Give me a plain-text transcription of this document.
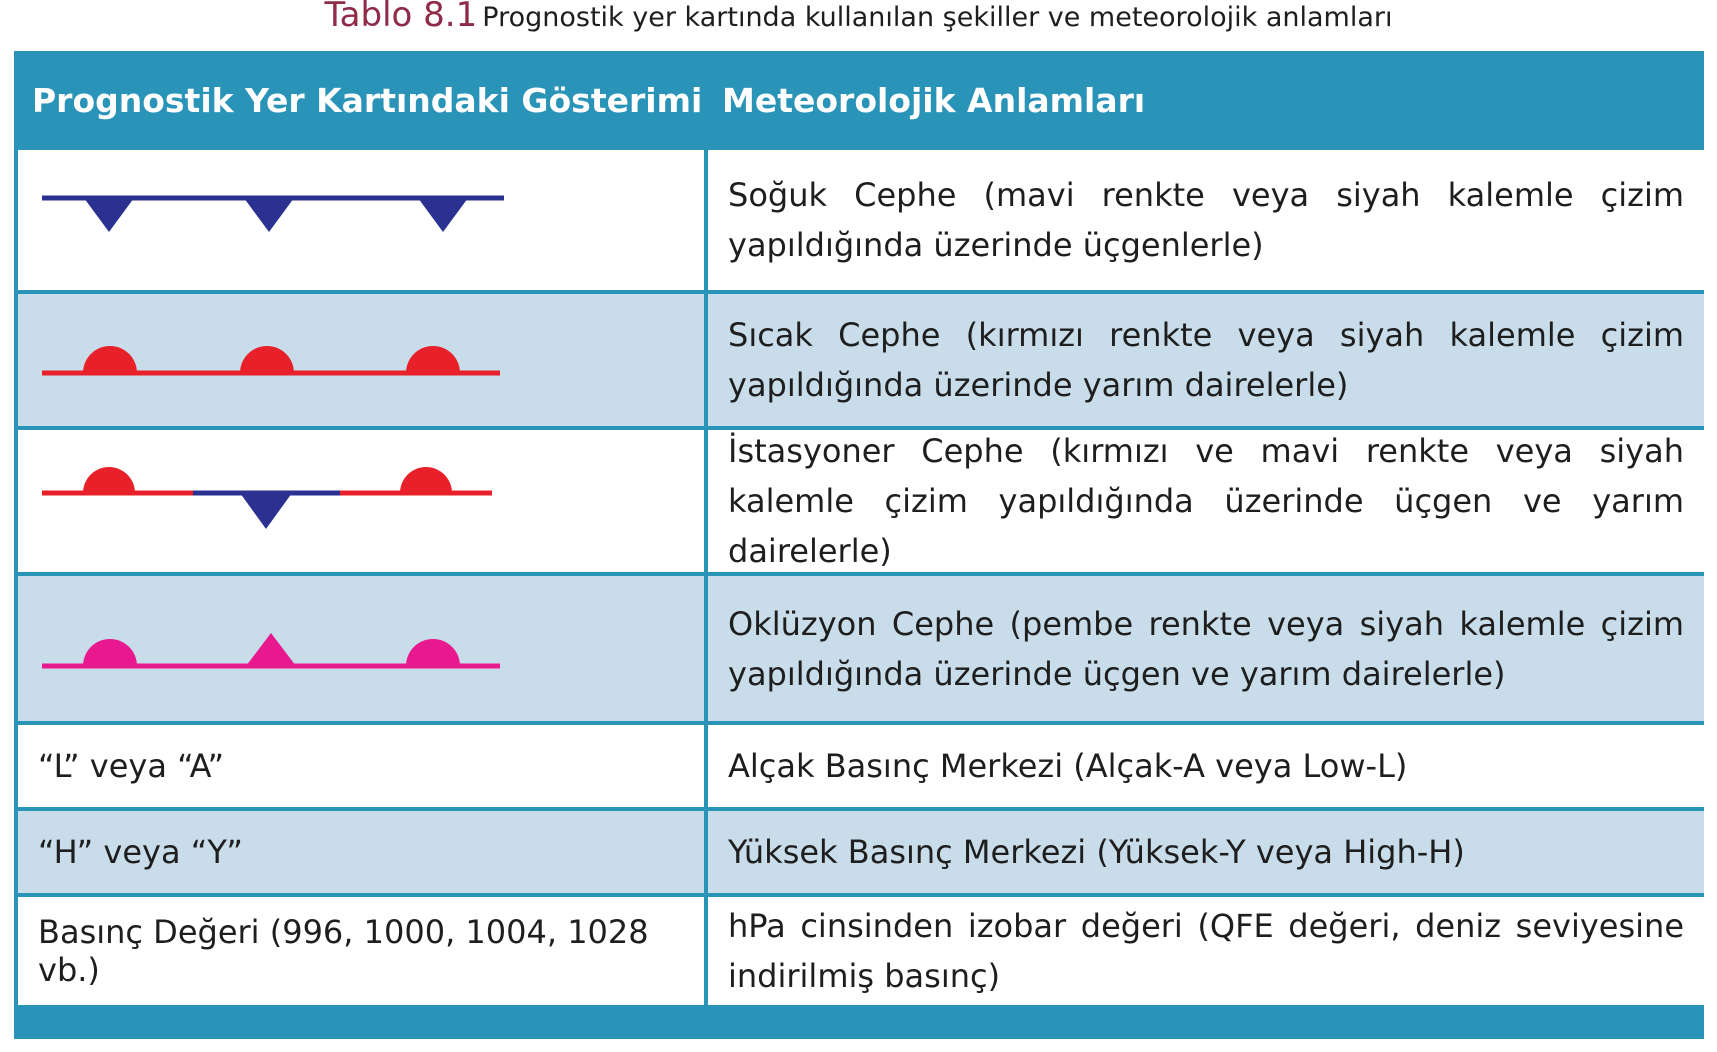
Tablo 8.1 Prognostik yer kartında kullanılan şekiller ve meteorolojik anlamları
Prognostik Yer Kartındaki Gösterimi Meteorolojik Anlamları

Soğuk Cephe (mavi renkte veya siyah kalemle çizim yapıldığında üzerinde üçgenlerle)

Sıcak Cephe (kırmızı renkte veya siyah kalemle çizim yapıldığında üzerinde yarım dairelerle)

İstasyoner Cephe (kırmızı ve mavi renkte veya siyah kalemle çizim yapıldığında üzerinde üçgen ve yarım dairelerle)

Oklüzyon Cephe (pembe renkte veya siyah kalemle çizim yapıldığında üzerinde üçgen ve yarım dairelerle)

“L” veya “A”	Alçak Basınç Merkezi (Alçak-A veya Low-L)

“H” veya “Y”	Yüksek Basınç Merkezi (Yüksek-Y veya High-H)

Basınç Değeri (996, 1000, 1004, 1028 vb.)

hPa cinsinden izobar değeri (QFE değeri, deniz seviyesine indirilmiş basınç)
